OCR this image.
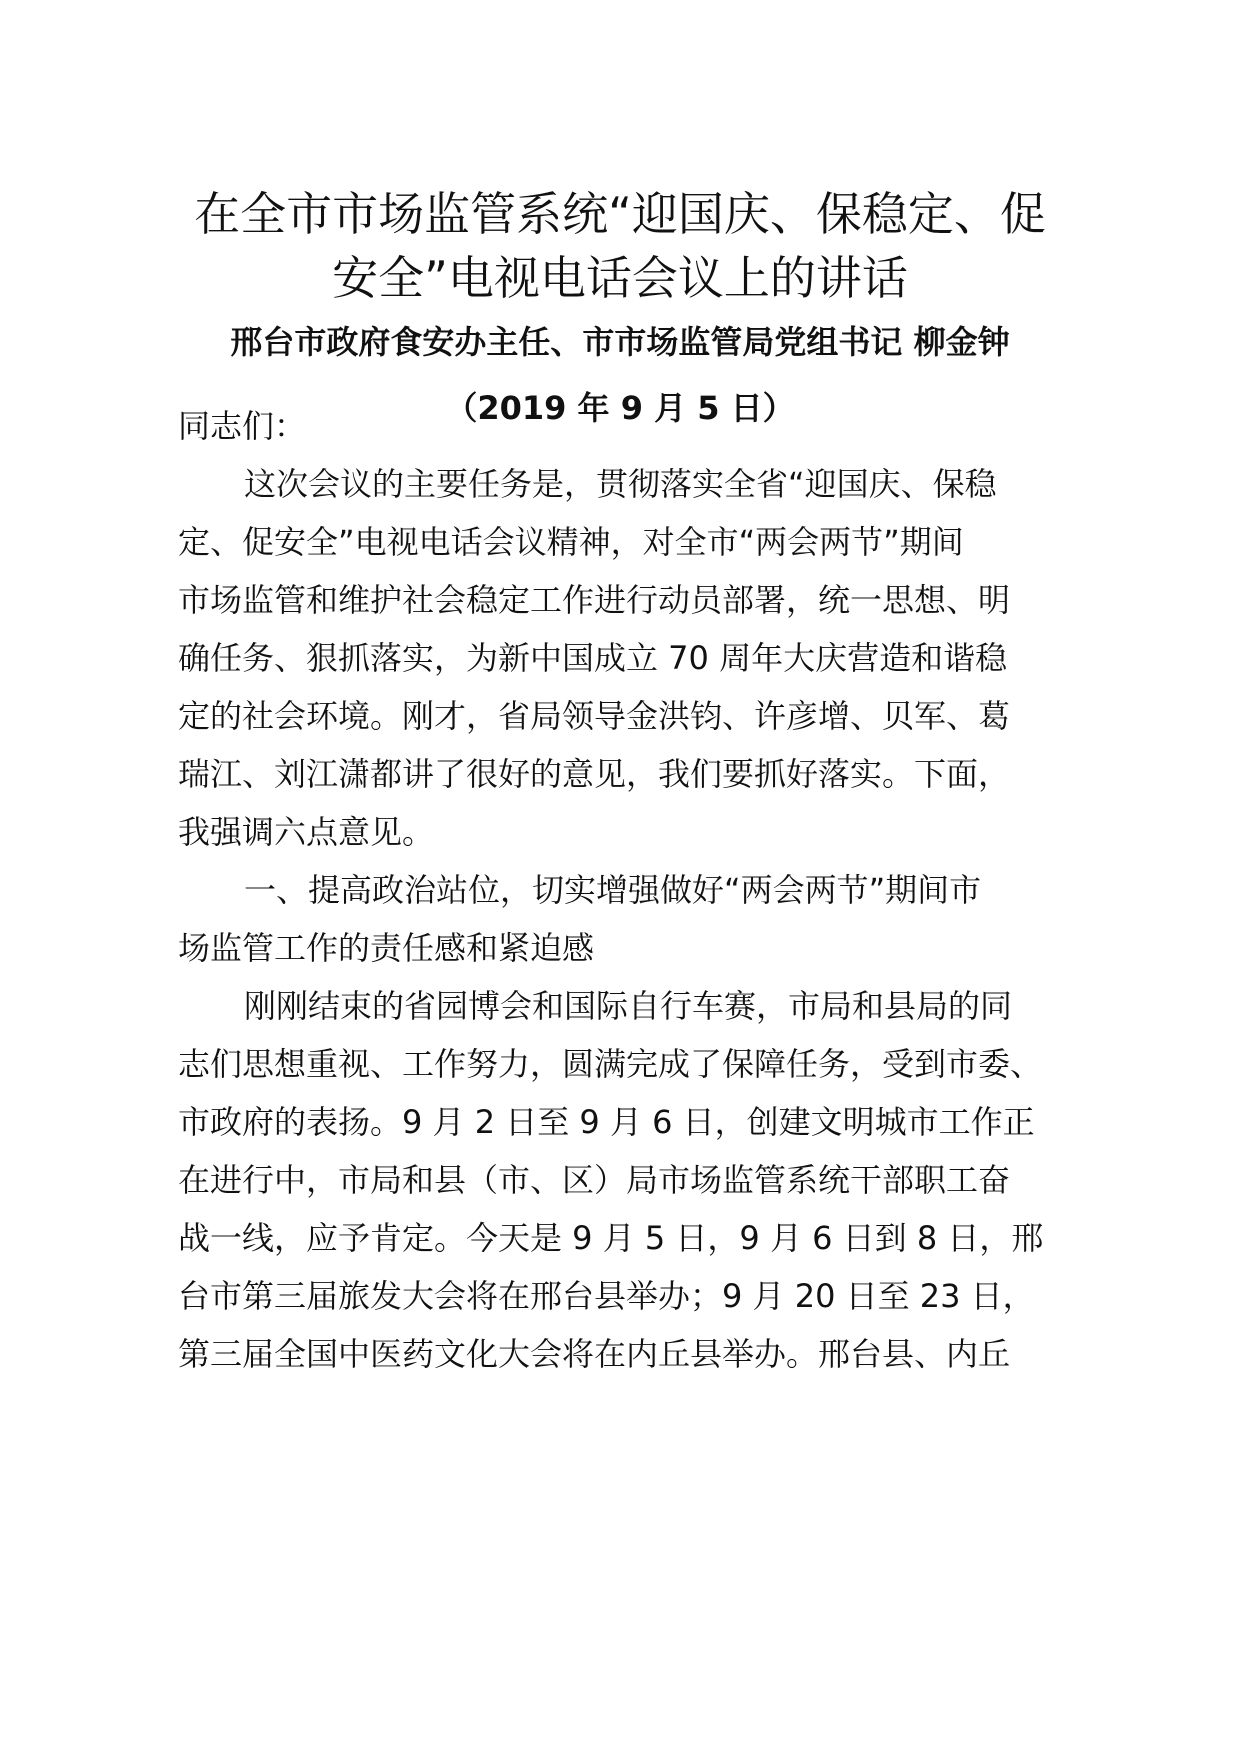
在全市市场监管系统“迎国庆、保稳定、促
安全”电视电话会议上的讲话
邢台市政府食安办主任、市市场监管局党组书记 柳金钟
（2019 年 9 月 5 日）
同志们：
这次会议的主要任务是，贯彻落实全省“迎国庆、保稳
定、促安全”电视电话会议精神，对全市“两会两节”期间
市场监管和维护社会稳定工作进行动员部署，统一思想、明
确任务、狠抓落实，为新中国成立 70 周年大庆营造和谐稳
定的社会环境。刚才，省局领导金洪钧、许彦增、贝军、葛
瑞江、刘江潇都讲了很好的意见，我们要抓好落实。下面，
我强调六点意见。
一、提高政治站位，切实增强做好“两会两节”期间市
场监管工作的责任感和紧迫感
刚刚结束的省园博会和国际自行车赛，市局和县局的同
志们思想重视、工作努力，圆满完成了保障任务，受到市委、
市政府的表扬。9 月 2 日至 9 月 6 日，创建文明城市工作正
在进行中，市局和县（市、区）局市场监管系统干部职工奋
战一线，应予肯定。今天是 9 月 5 日，9 月 6 日到 8 日，邢
台市第三届旅发大会将在邢台县举办；9 月 20 日至 23 日，
第三届全国中医药文化大会将在内丘县举办。邢台县、内丘
